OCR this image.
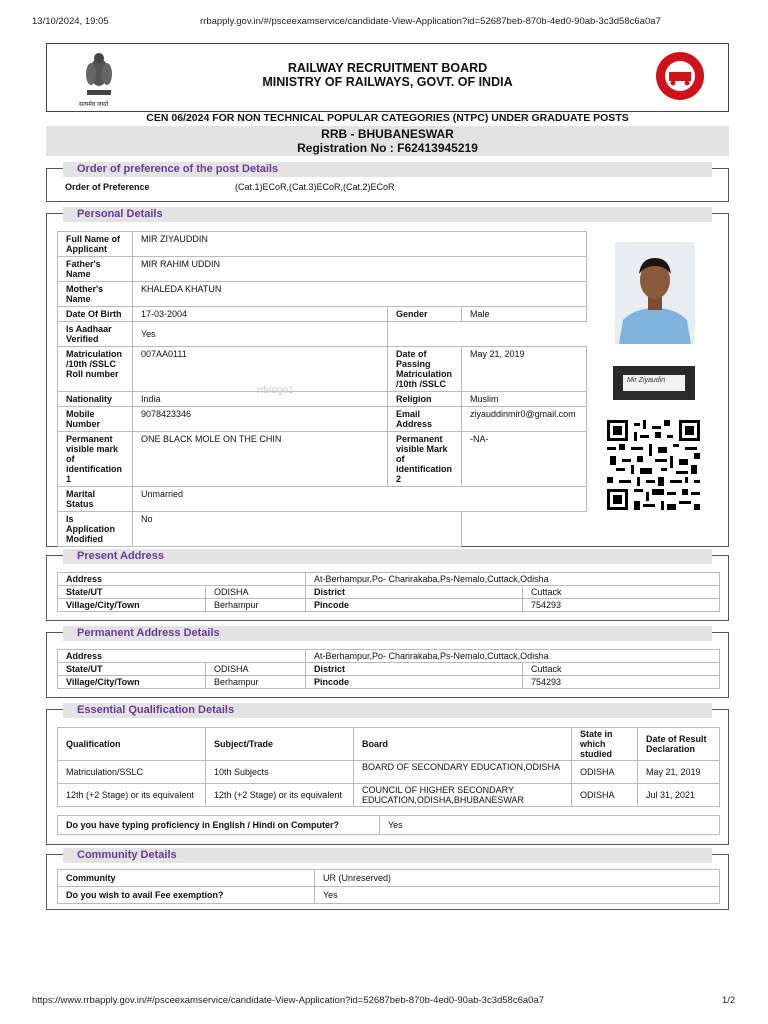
13/10/2024, 19:05	rrbapply.gov.in/#/psceexamservice/candidate-View-Application?id=52687beb-870b-4ed0-90ab-3c3d58c6a0a7
सत्यमेव जयते
RAILWAY RECRUITMENT BOARD
MINISTRY OF RAILWAYS, GOVT. OF INDIA
CEN 06/2024 FOR NON TECHNICAL POPULAR CATEGORIES (NTPC) UNDER GRADUATE POSTS
RRB - BHUBANESWAR
Registration No : F62413945219
Order of preference of the post Details
Order of Preference	(Cat.1)ECoR,(Cat.3)ECoR,(Cat.2)ECoR
Personal Details
Full Name of Applicant	MIR ZIYAUDDIN		
Father's Name	MIR RAHIM UDDIN		
Mother's Name	KHALEDA KHATUN		
Date Of Birth	17-03-2004	Gender	Male
Is Aadhaar Verified	Yes		
Matriculation /10th /SSLC Roll number	007AA0111	Date of Passing Matriculation /10th /SSLC	May 21, 2019
Nationality	India	Religion	Muslim
Mobile Number	9078423346	Email Address	ziyauddinmir0@gmail.com
Permanent visible mark of identification 1	ONE BLACK MOLE ON THE CHIN	Permanent visible Mark of identification 2	-NA-
Marital Status	Unmarried		
Is Application Modified	No		
rrblogo1
Mir Ziyaudin
Present Address
Address		At-Berhampur,Po- Charirakaba,Ps-Nemalo,Cuttack,Odisha	
State/UT	ODISHA	District	Cuttack
Village/City/Town	Berhampur	Pincode	754293
Permanent Address Details
Address		At-Berhampur,Po- Charirakaba,Ps-Nemalo,Cuttack,Odisha	
State/UT	ODISHA	District	Cuttack
Village/City/Town	Berhampur	Pincode	754293
Essential Qualification Details
Qualification	Subject/Trade	Board	State in which studied	Date of Result Declaration
Matriculation/SSLC	10th Subjects	BOARD OF SECONDARY EDUCATION,ODISHA	ODISHA	May 21, 2019
12th (+2 Stage) or its equivalent	12th (+2 Stage) or its equivalent	COUNCIL OF HIGHER SECONDARY EDUCATION,ODISHA,BHUBANESWAR	ODISHA	Jul 31, 2021
Do you have typing proficiency in English / Hindi on Computer?	Yes
Community Details
Community	UR (Unreserved)
Do you wish to avail Fee exemption?	Yes
https://www.rrbapply.gov.in/#/psceexamservice/candidate-View-Application?id=52687beb-870b-4ed0-90ab-3c3d58c6a0a7	1/2
